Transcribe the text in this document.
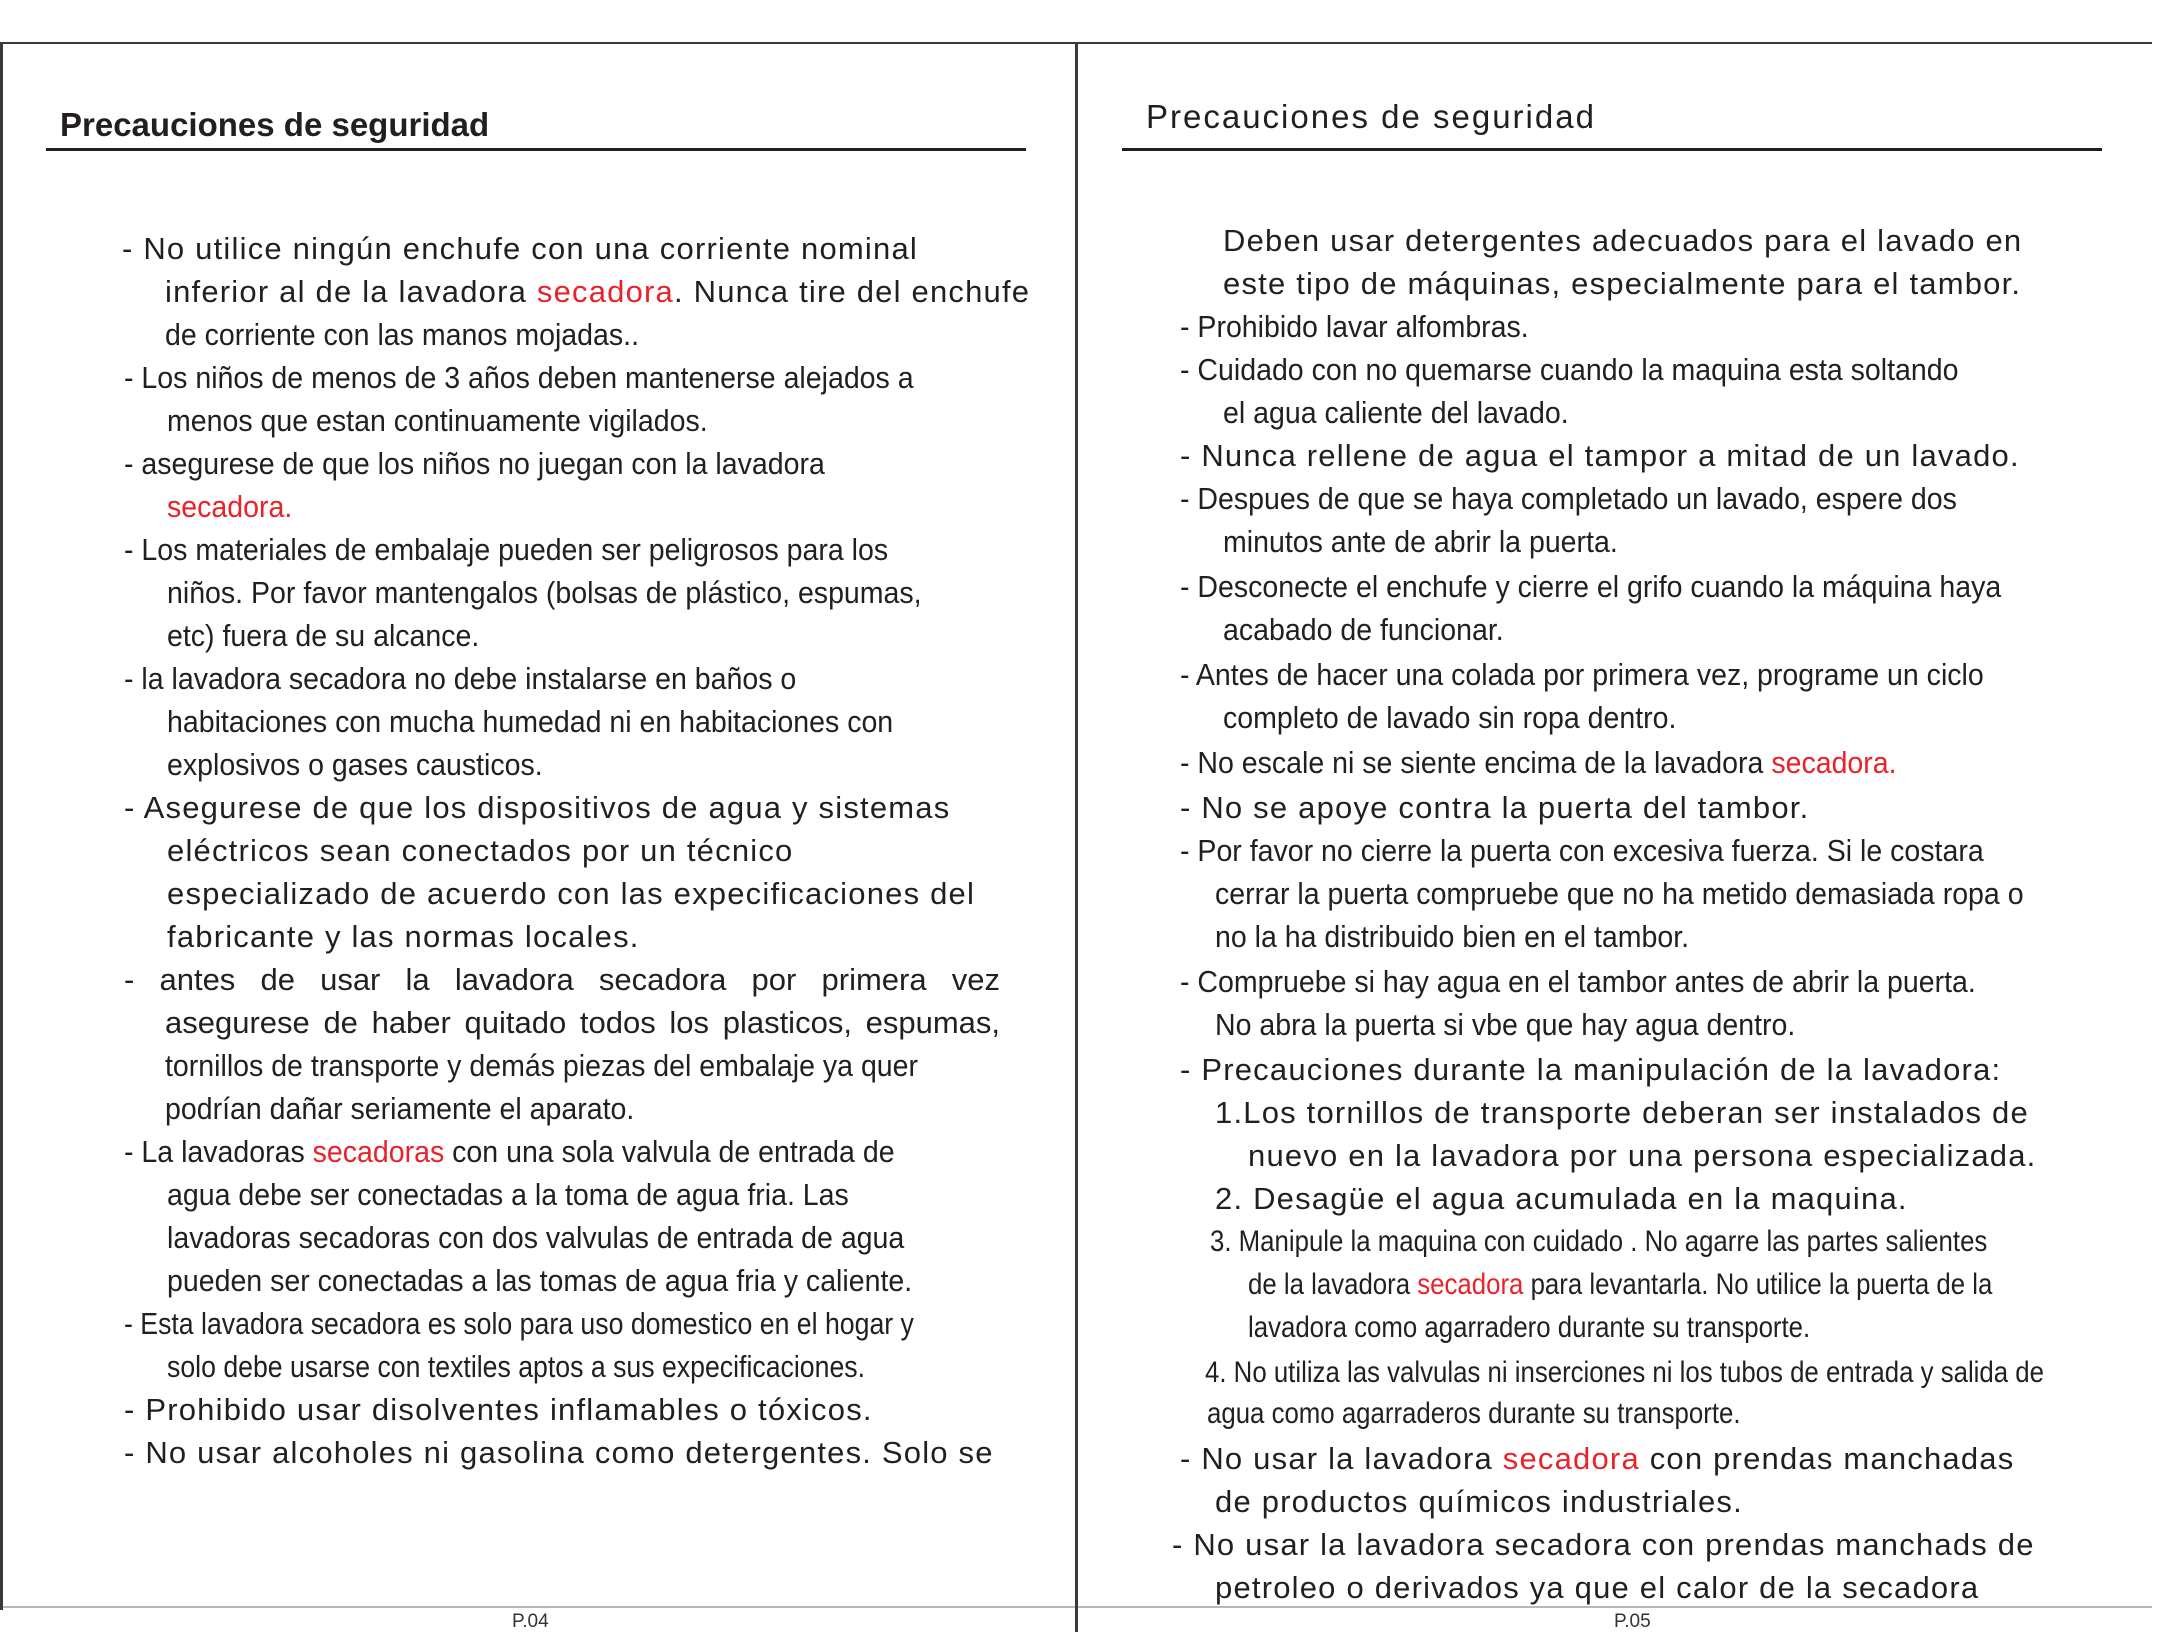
Precauciones de seguridad
- No utilice ningún enchufe con una corriente nominal
inferior al de la lavadora secadora. Nunca tire del enchufe
de corriente con las manos mojadas..
- Los niños de menos de 3 años deben mantenerse alejados a
menos que estan continuamente vigilados.
- asegurese de que los niños no juegan con la lavadora
secadora.
- Los materiales de embalaje pueden ser peligrosos para los
niños. Por favor mantengalos (bolsas de plástico, espumas,
etc) fuera de su alcance.
- la lavadora secadora no debe instalarse en baños o
habitaciones con mucha humedad ni en habitaciones con
explosivos o gases causticos.
- Asegurese de que los dispositivos de agua y sistemas
eléctricos sean conectados por un técnico
especializado de acuerdo con las expecificaciones del
fabricante y las normas locales.
- antes de usar la lavadora secadora por primera vez
asegurese de haber quitado todos los plasticos, espumas,
tornillos de transporte y demás piezas del embalaje ya quer
podrían dañar seriamente el aparato.
- La lavadoras secadoras con una sola valvula de entrada de
agua debe ser conectadas a la toma de agua fria. Las
lavadoras secadoras con dos valvulas de entrada de agua
pueden ser conectadas a las tomas de agua fria y caliente.
- Esta lavadora secadora es solo para uso domestico en el hogar y
solo debe usarse con textiles aptos a sus expecificaciones.
- Prohibido usar disolventes inflamables o tóxicos.
- No usar alcoholes ni gasolina como detergentes. Solo se
P.04
Precauciones de seguridad
Deben usar detergentes adecuados para el lavado en
este tipo de máquinas, especialmente para el tambor.
- Prohibido lavar alfombras.
- Cuidado con no quemarse cuando la maquina esta soltando
el agua caliente del lavado.
- Nunca rellene de agua el tampor a mitad de un lavado.
- Despues de que se haya completado un lavado, espere dos
minutos ante de abrir la puerta.
- Desconecte el enchufe y cierre el grifo cuando la máquina haya
acabado de funcionar.
- Antes de hacer una colada por primera vez, programe un ciclo
completo de lavado sin ropa dentro.
- No escale ni se siente encima de la lavadora secadora.
- No se apoye contra la puerta del tambor.
- Por favor no cierre la puerta con excesiva fuerza. Si le costara
cerrar la puerta compruebe que no ha metido demasiada ropa o
no la ha distribuido bien en el tambor.
- Compruebe si hay agua en el tambor antes de abrir la puerta.
No abra la puerta si vbe que hay agua dentro.
- Precauciones durante la manipulación de la lavadora:
1.Los tornillos de transporte deberan ser instalados de
nuevo en la lavadora por una persona especializada.
2. Desagüe el agua acumulada en la maquina.
3. Manipule la maquina con cuidado . No agarre las partes salientes
de la lavadora secadora para levantarla. No utilice la puerta de la
lavadora como agarradero durante su transporte.
4. No utiliza las valvulas ni inserciones ni los tubos de entrada y salida de
agua como agarraderos durante su transporte.
- No usar la lavadora secadora con prendas manchadas
de productos químicos industriales.
- No usar la lavadora secadora con prendas manchads de
petroleo o derivados ya que el calor de la secadora
P.05
